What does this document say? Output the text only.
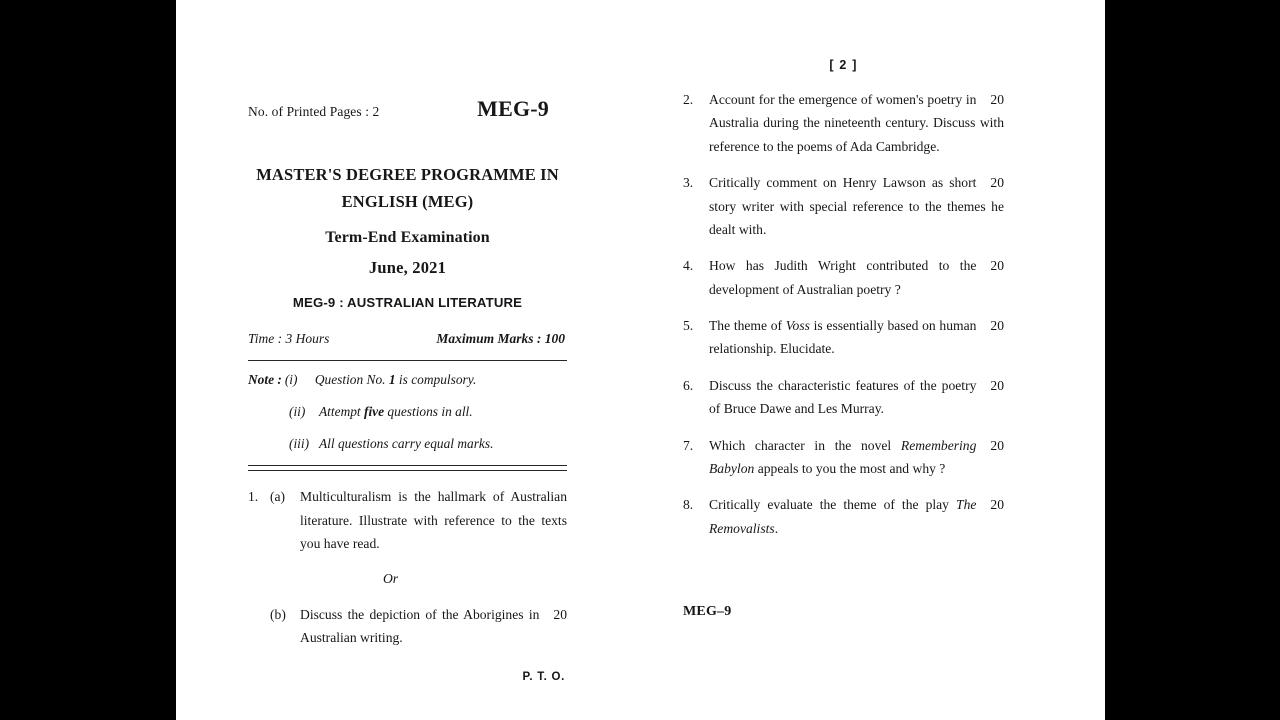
No. of Printed Pages : 2	MEG-9
MASTER'S DEGREE PROGRAMME IN
ENGLISH (MEG)
Term-End Examination
June, 2021
MEG-9 : AUSTRALIAN LITERATURE
Time : 3 Hours	Maximum Marks : 100
Note : (i)	Question No. 1 is compulsory.
(ii)	Attempt five questions in all.
(iii) All questions carry equal marks.
1. (a)	Multiculturalism is the hallmark of Australian literature. Illustrate with reference to the texts you have read.
Or
(b)	20
Discuss the depiction of the Aborigines in Australian writing.
P. T. O.
[ 2 ]
2.	20
Account for the emergence of women's poetry in Australia during the nineteenth century. Discuss with reference to the poems of Ada Cambridge.
3.	20
Critically comment on Henry Lawson as short story writer with special reference to the themes he dealt with.
4.	20
How has Judith Wright contributed to the development of Australian poetry ?
5.	20
The theme of Voss is essentially based on human relationship. Elucidate.
6.	20
Discuss the characteristic features of the poetry of Bruce Dawe and Les Murray.
7.	20
Which character in the novel Remembering Babylon appeals to you the most and why ?
8.	20
Critically evaluate the theme of the play The Removalists.
MEG–9
